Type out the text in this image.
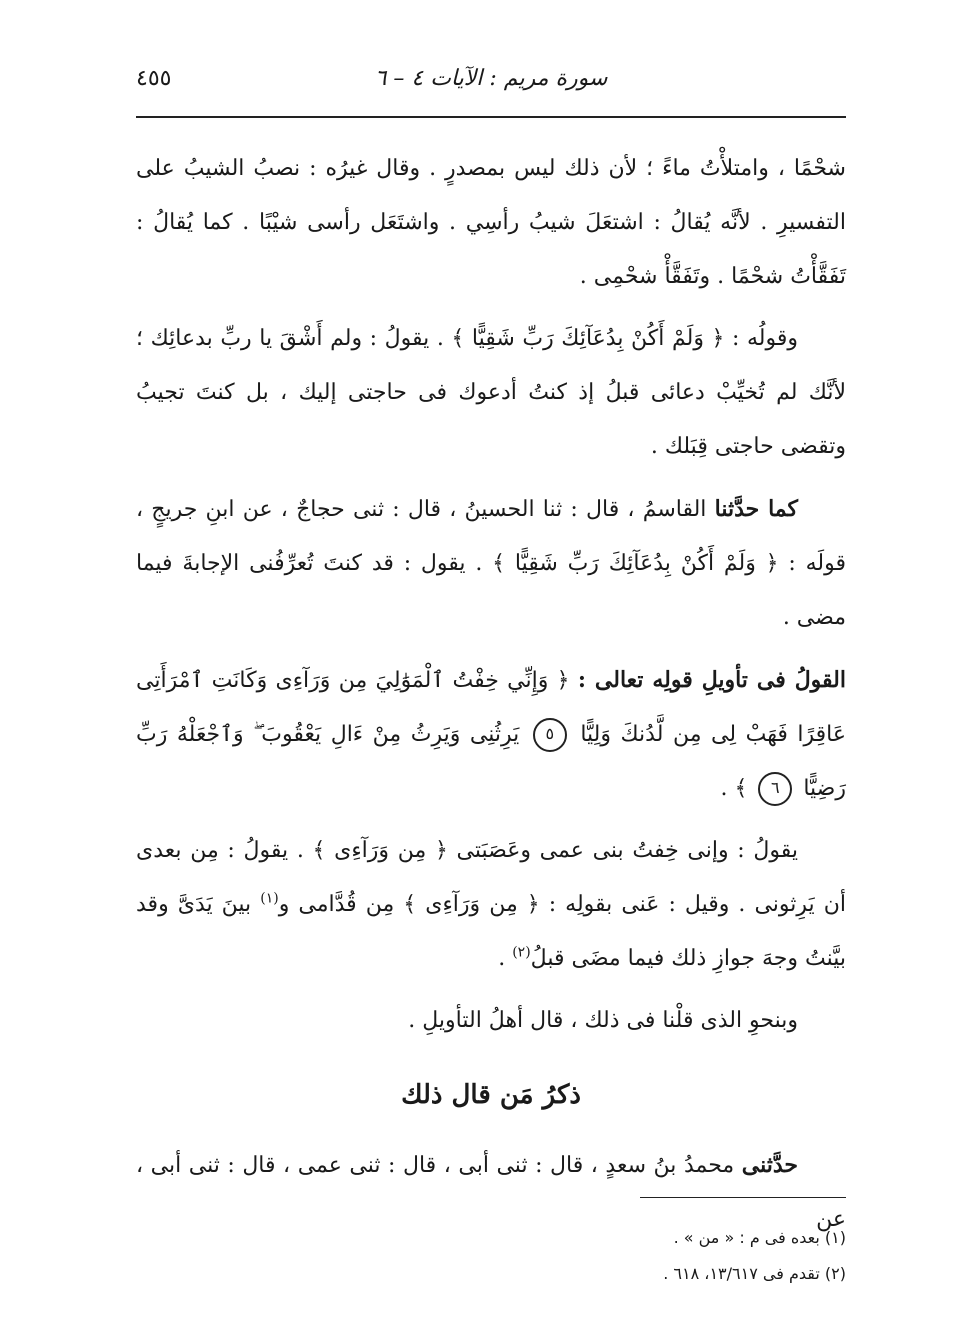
سورة مريم : الآيات ٤ – ٦
٤٥٥

شحْمًا ، وامتلأْتُ ماءً ؛ لأن ذلك ليس بمصدرٍ . وقال غيرُه : نصبُ الشيبُ على التفسيرِ . لأنَّه يُقالُ : اشتعَلَ شيبُ رأسِي . واشتَعَل رأسى شيْبًا . كما يُقالُ : تَفَقَّأْتُ شحْمًا . وتَفَقَّأْ شحْمِى .

وقولُه : ﴿ وَلَمْ أَكُنْ بِدُعَآئِكَ رَبِّ شَقِيًّا ﴾ . يقولُ : ولم أَشْقَ يا ربِّ بدعائِك ؛ لأنَّك لم تُخيِّبْ دعائى قبلُ إذ كنتُ أدعوك فى حاجتى إليك ، بل كنتَ تجيبُ وتقضى حاجتى قِبَلك .

كما حدَّثنا القاسمُ ، قال : ثنا الحسينُ ، قال : ثنى حجاجٌ ، عن ابنِ جريجٍ ، قولَه : ﴿ وَلَمْ أَكُنْ بِدُعَآئِكَ رَبِّ شَقِيًّا ﴾ . يقول : قد كنتَ تُعرِّفُنى الإجابةَ فيما مضى .

القولُ فى تأويلِ قولِه تعالى : ﴿ وَإِنِّي خِفْتُ ٱلْمَوَٰلِيَ مِن وَرَآءِى وَكَانَتِ ٱمْرَأَتِى عَاقِرًا فَهَبْ لِى مِن لَّدُنكَ وَلِيًّا ٥ يَرِثُنِى وَيَرِثُ مِنْ ءَالِ يَعْقُوبَ ۖ وَٱجْعَلْهُ رَبِّ رَضِيًّا ٦ ﴾ .

يقولُ : وإنى خِفتُ بنى عمى وعَصَبَتى ﴿ مِن وَرَآءِى ﴾ . يقولُ : مِن بعدى أن يَرِثونى . وقيل : عَنى بقولِه : ﴿ مِن وَرَآءِى ﴾ مِن قُدَّامى و$^{(١)}$ بينَ يَدَىَّ وقد بيَّنتُ وجهَ جوازِ ذلك فيما مضَى قبلُ$^{(٢)}$ .

وبنحوِ الذى قلْنا فى ذلك ، قال أهلُ التأويلِ .

ذكرُ مَن قال ذلك

حدَّثنى محمدُ بنُ سعدٍ ، قال : ثنى أبى ، قال : ثنى عمى ، قال : ثنى أبى ، عن

(١) بعده فى م : « من » .
(٢) تقدم فى ١٣/٦١٧، ٦١٨ .
